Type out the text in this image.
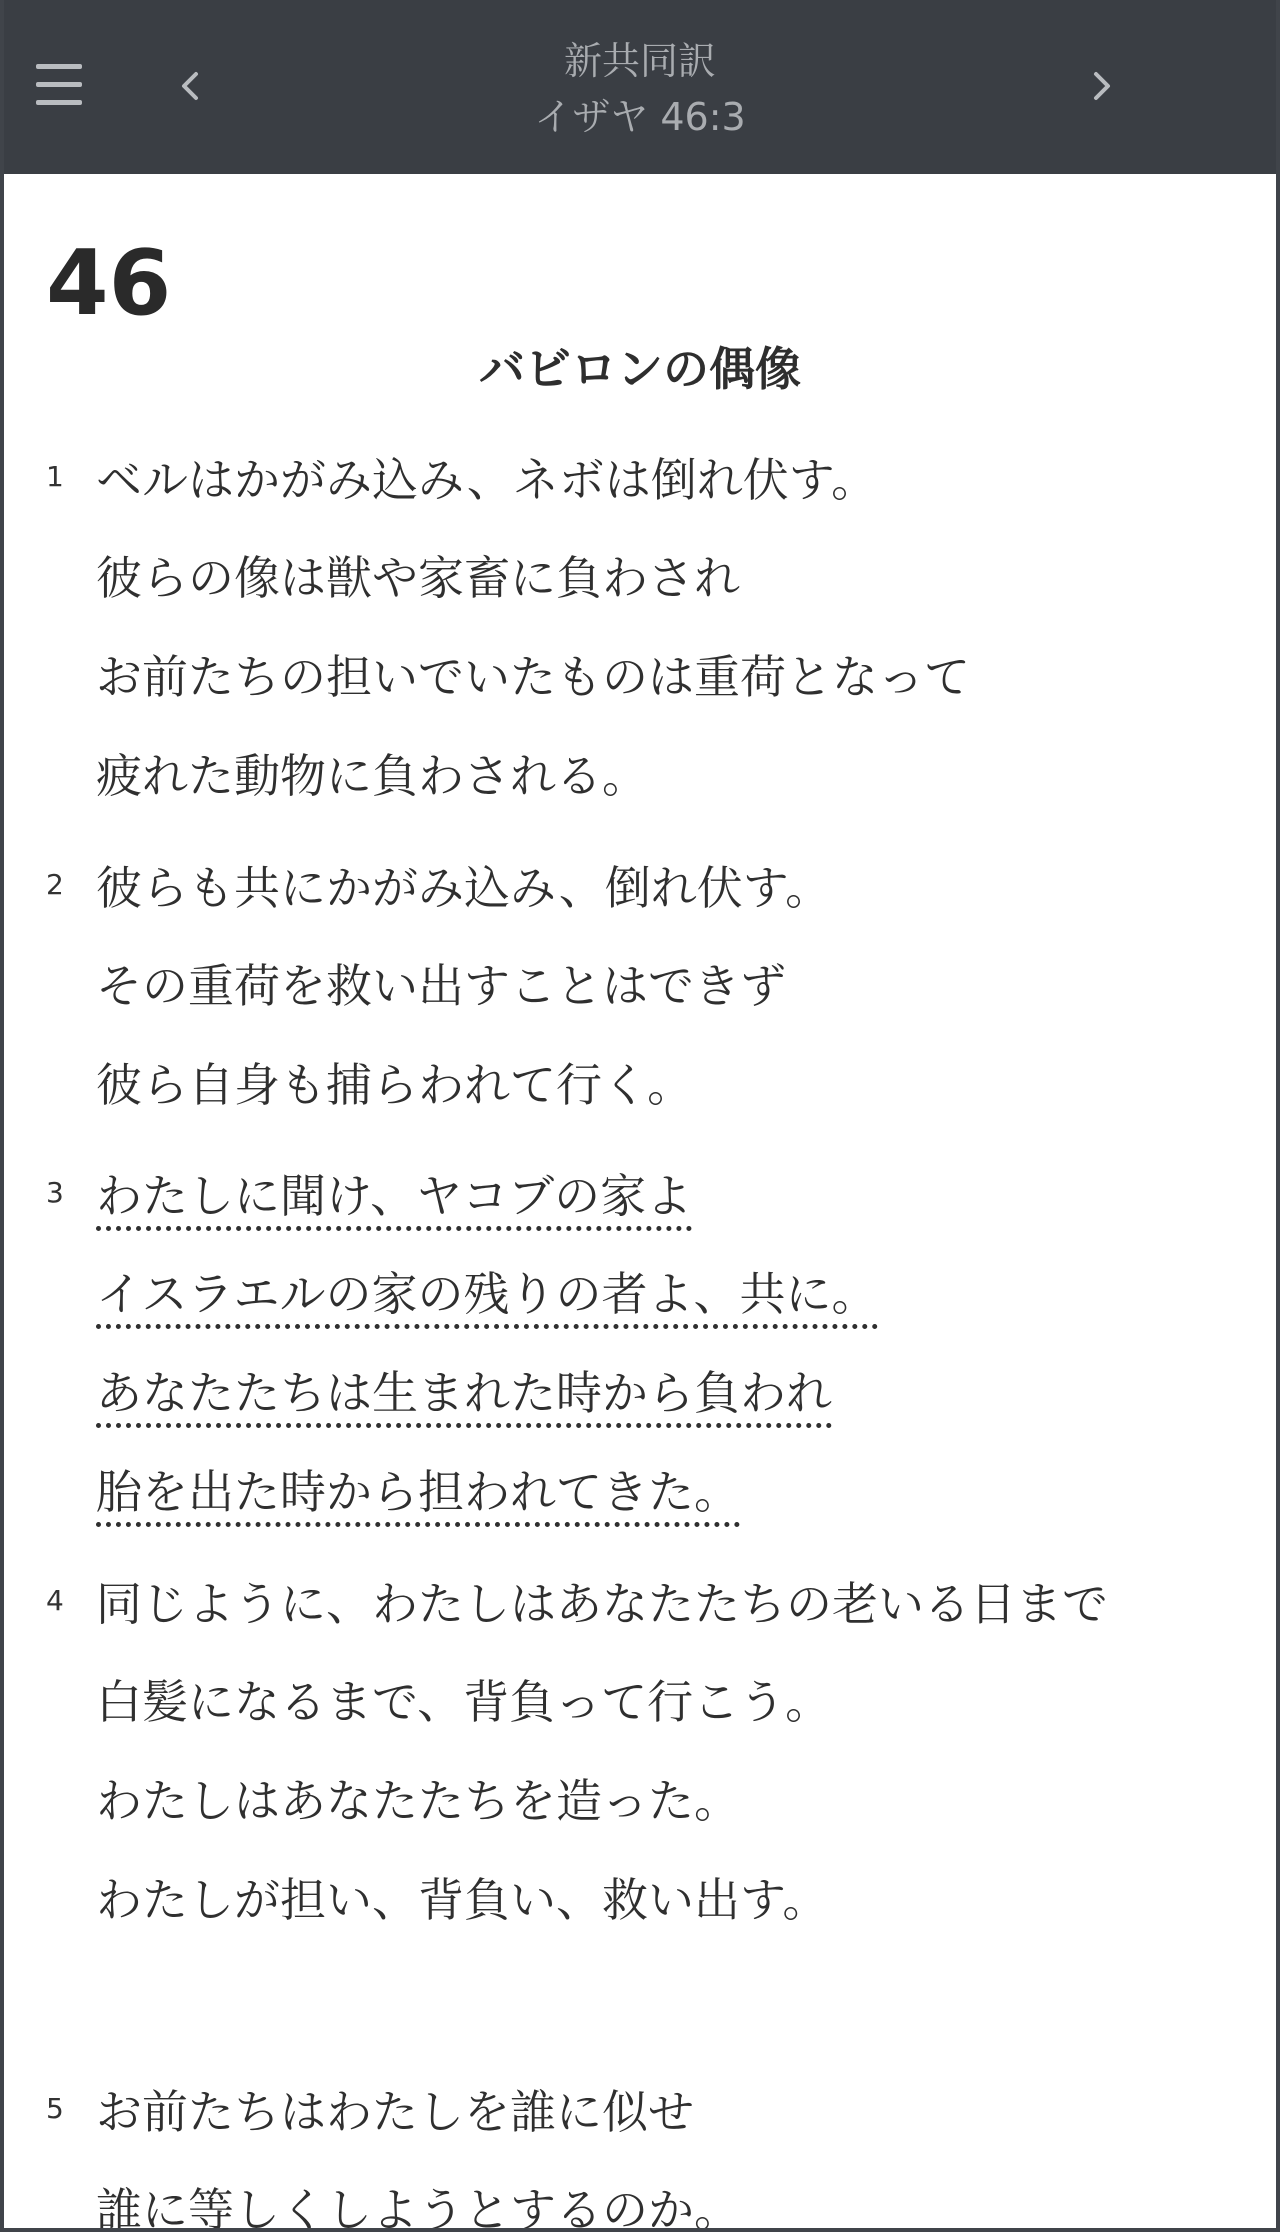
新共同訳
イザヤ 46:3
46
バビロンの偶像
1 ベルはかがみ込み、ネボは倒れ伏す。
彼らの像は獣や家畜に負わされ
お前たちの担いでいたものは重荷となって
疲れた動物に負わされる。
2 彼らも共にかがみ込み、倒れ伏す。
その重荷を救い出すことはできず
彼ら自身も捕らわれて行く。
3 わたしに聞け、ヤコブの家よ
イスラエルの家の残りの者よ、共に。
あなたたちは生まれた時から負われ
胎を出た時から担われてきた。
4 同じように、わたしはあなたたちの老いる日まで
白髪になるまで、背負って行こう。
わたしはあなたたちを造った。
わたしが担い、背負い、救い出す。
5 お前たちはわたしを誰に似せ
誰に等しくしようとするのか。
